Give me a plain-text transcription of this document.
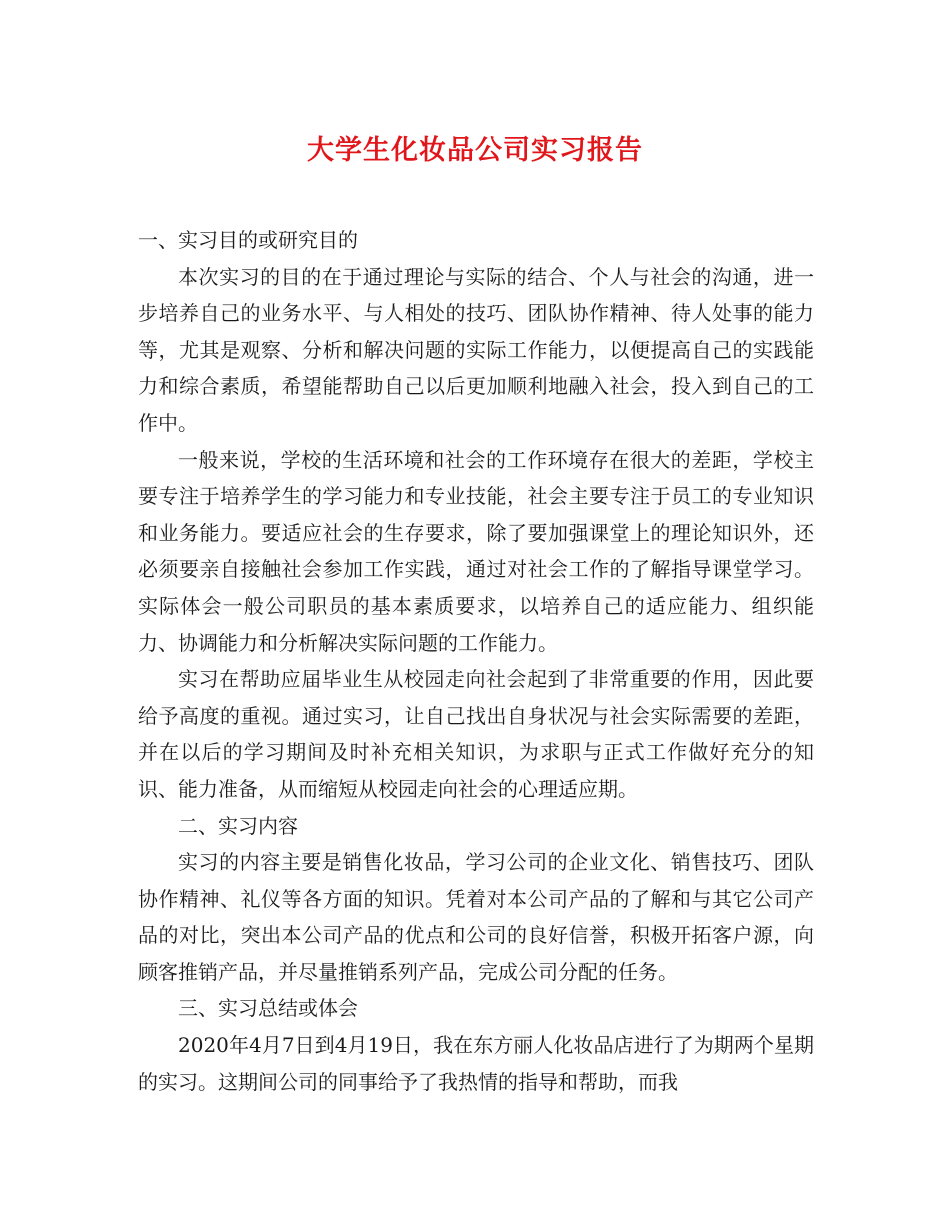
大学生化妆品公司实习报告

一、实习目的或研究目的

本次实习的目的在于通过理论与实际的结合、个人与社会的沟通，进一步培养自己的业务水平、与人相处的技巧、团队协作精神、待人处事的能力等，尤其是观察、分析和解决问题的实际工作能力，以便提高自己的实践能力和综合素质，希望能帮助自己以后更加顺利地融入社会，投入到自己的工作中。

一般来说，学校的生活环境和社会的工作环境存在很大的差距，学校主要专注于培养学生的学习能力和专业技能，社会主要专注于员工的专业知识和业务能力。要适应社会的生存要求，除了要加强课堂上的理论知识外，还必须要亲自接触社会参加工作实践，通过对社会工作的了解指导课堂学习。实际体会一般公司职员的基本素质要求，以培养自己的适应能力、组织能力、协调能力和分析解决实际问题的工作能力。

实习在帮助应届毕业生从校园走向社会起到了非常重要的作用，因此要给予高度的重视。通过实习，让自己找出自身状况与社会实际需要的差距，并在以后的学习期间及时补充相关知识，为求职与正式工作做好充分的知识、能力准备，从而缩短从校园走向社会的心理适应期。

二、实习内容

实习的内容主要是销售化妆品，学习公司的企业文化、销售技巧、团队协作精神、礼仪等各方面的知识。凭着对本公司产品的了解和与其它公司产品的对比，突出本公司产品的优点和公司的良好信誉，积极开拓客户源，向顾客推销产品，并尽量推销系列产品，完成公司分配的任务。

三、实习总结或体会

2020年4月7日到4月19日，我在东方丽人化妆品店进行了为期两个星期的实习。这期间公司的同事给予了我热情的指导和帮助，而我
